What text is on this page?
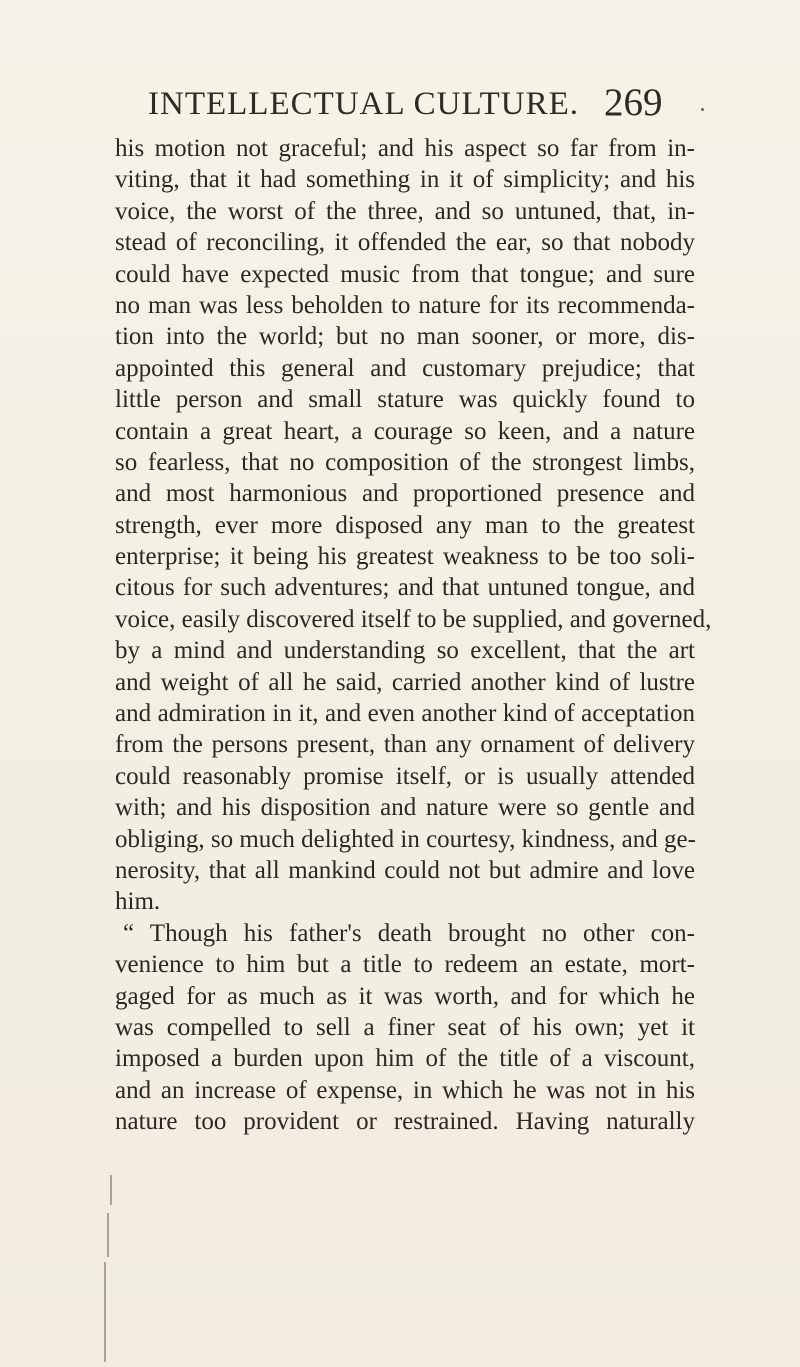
INTELLECTUAL CULTURE. 269
his motion not graceful; and his aspect so far from in-
viting, that it had something in it of simplicity; and his
voice, the worst of the three, and so untuned, that, in-
stead of reconciling, it offended the ear, so that nobody
could have expected music from that tongue; and sure
no man was less beholden to nature for its recommenda-
tion into the world; but no man sooner, or more, dis-
appointed this general and customary prejudice; that
little person and small stature was quickly found to
contain a great heart, a courage so keen, and a nature
so fearless, that no composition of the strongest limbs,
and most harmonious and proportioned presence and
strength, ever more disposed any man to the greatest
enterprise; it being his greatest weakness to be too soli-
citous for such adventures; and that untuned tongue, and
voice, easily discovered itself to be supplied, and governed,
by a mind and understanding so excellent, that the art
and weight of all he said, carried another kind of lustre
and admiration in it, and even another kind of acceptation
from the persons present, than any ornament of delivery
could reasonably promise itself, or is usually attended
with; and his disposition and nature were so gentle and
obliging, so much delighted in courtesy, kindness, and ge-
nerosity, that all mankind could not but admire and love
him.
“ Though his father's death brought no other con-
venience to him but a title to redeem an estate, mort-
gaged for as much as it was worth, and for which he
was compelled to sell a finer seat of his own; yet it
imposed a burden upon him of the title of a viscount,
and an increase of expense, in which he was not in his
nature too provident or restrained. Having naturally
